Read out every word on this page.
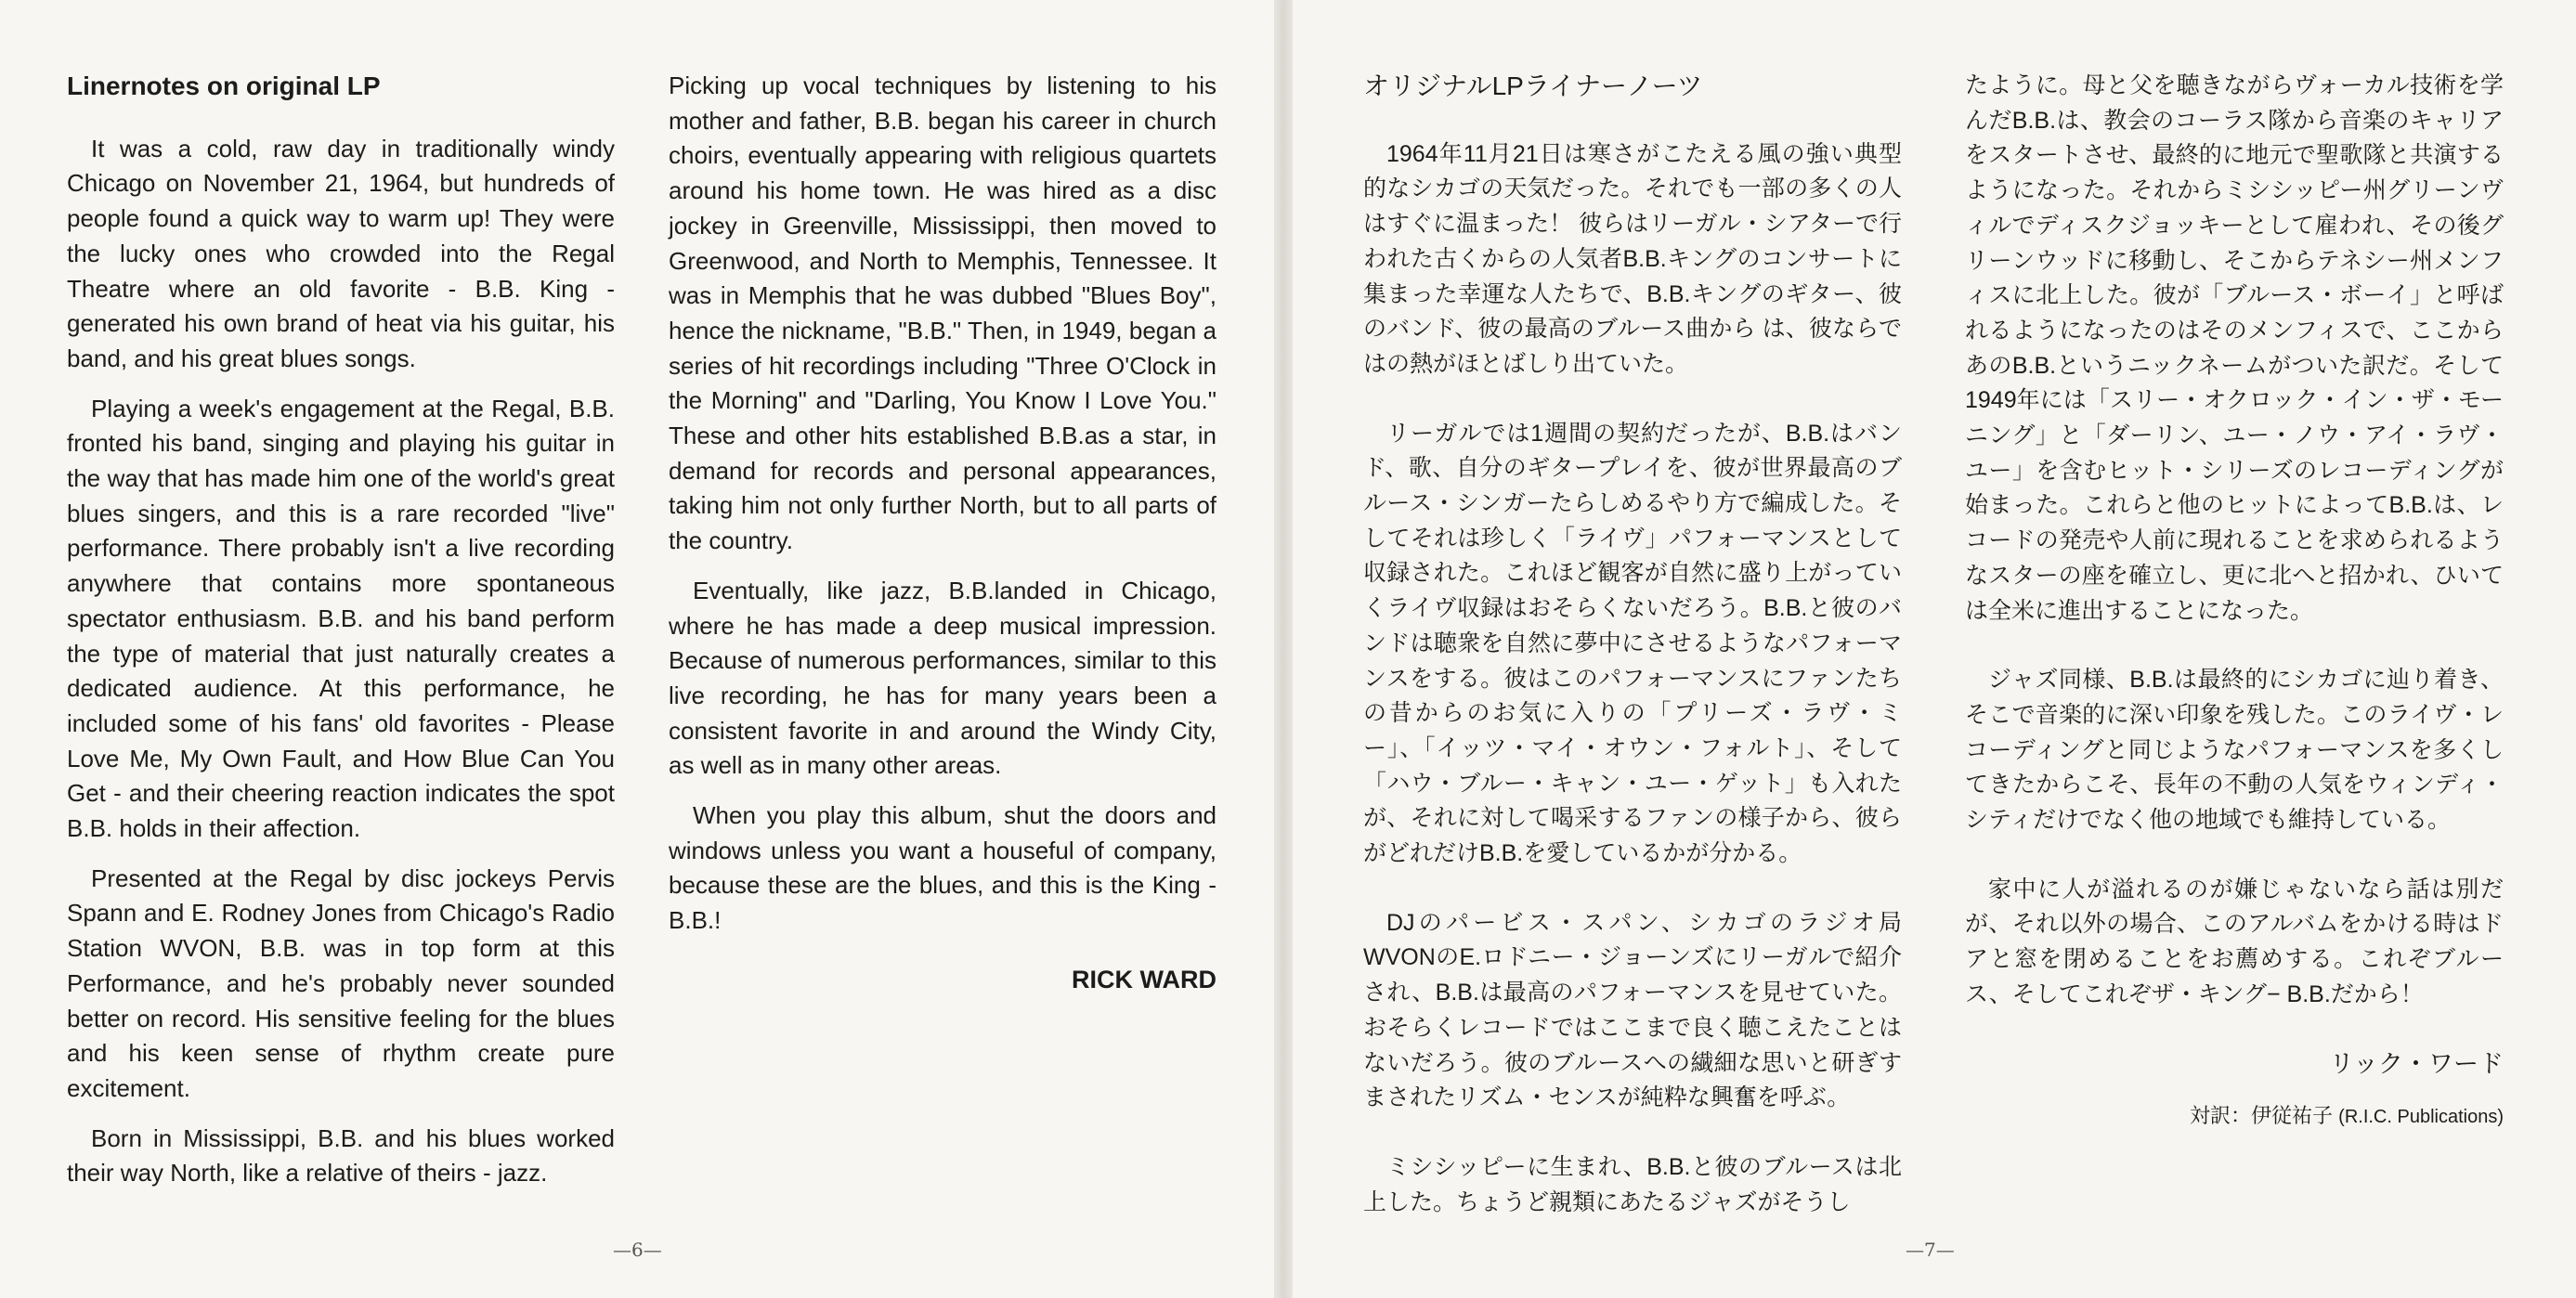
Linernotes on original LP

It was a cold, raw day in traditionally windy Chicago on November 21, 1964, but hundreds of people found a quick way to warm up! They were the lucky ones who crowded into the Regal Theatre where an old favorite - B.B. King - generated his own brand of heat via his guitar, his band, and his great blues songs.

Playing a week's engagement at the Regal, B.B. fronted his band, singing and playing his guitar in the way that has made him one of the world's great blues singers, and this is a rare recorded "live" performance. There probably isn't a live recording anywhere that contains more spontaneous spectator enthusiasm. B.B. and his band perform the type of material that just naturally creates a dedicated audience. At this performance, he included some of his fans' old favorites - Please Love Me, My Own Fault, and How Blue Can You Get - and their cheering reaction indicates the spot B.B. holds in their affection.

Presented at the Regal by disc jockeys Pervis Spann and E. Rodney Jones from Chicago's Radio Station WVON, B.B. was in top form at this Performance, and he's probably never sounded better on record. His sensitive feeling for the blues and his keen sense of rhythm create pure excitement.

Born in Mississippi, B.B. and his blues worked their way North, like a relative of theirs - jazz.

Picking up vocal techniques by listening to his mother and father, B.B. began his career in church choirs, eventually appearing with religious quartets around his home town. He was hired as a disc jockey in Greenville, Mississippi, then moved to Greenwood, and North to Memphis, Tennessee. It was in Memphis that he was dubbed "Blues Boy", hence the nickname, "B.B." Then, in 1949, began a series of hit recordings including "Three O'Clock in the Morning" and "Darling, You Know I Love You." These and other hits established B.B.as a star, in demand for records and personal appearances, taking him not only further North, but to all parts of the country.

Eventually, like jazz, B.B.landed in Chicago, where he has made a deep musical impression. Because of numerous performances, similar to this live recording, he has for many years been a consistent favorite in and around the Windy City, as well as in many other areas.

When you play this album, shut the doors and windows unless you want a houseful of company, because these are the blues, and this is the King - B.B.!

RICK WARD
—6—
オリジナルLPライナーノーツ

1964年11月21日は寒さがこたえる風の強い典型的なシカゴの天気だった。それでも一部の多くの人はすぐに温まった！ 彼らはリーガル・シアターで行われた古くからの人気者B.B.キングのコンサートに集まった幸運な人たちで、B.B.キングのギター、彼のバンド、彼の最高のブルース曲から は、彼ならではの熱がほとばしり出ていた。

リーガルでは1週間の契約だったが、B.B.はバンド、歌、自分のギタープレイを、彼が世界最高のブルース・シンガーたらしめるやり方で編成した。そしてそれは珍しく「ライヴ」パフォーマンスとして収録された。これほど観客が自然に盛り上がっていくライヴ収録はおそらくないだろう。B.B.と彼のバンドは聴衆を自然に夢中にさせるようなパフォーマンスをする。彼はこのパフォーマンスにファンたちの昔からのお気に入りの「プリーズ・ラヴ・ミー」、「イッツ・マイ・オウン・フォルト」、そして「ハウ・ブルー・キャン・ユー・ゲット」も入れたが、それに対して喝采するファンの様子から、彼らがどれだけB.B.を愛しているかが分かる。

DJのパービス・スパン、シカゴのラジオ局WVONのE.ロドニー・ジョーンズにリーガルで紹介され、B.B.は最高のパフォーマンスを見せていた。おそらくレコードではここまで良く聴こえたことはないだろう。彼のブルースへの繊細な思いと研ぎすまされたリズム・センスが純粋な興奮を呼ぶ。

ミシシッピーに生まれ、B.B.と彼のブルースは北上した。ちょうど親類にあたるジャズがそうし

たように。母と父を聴きながらヴォーカル技術を学んだB.B.は、教会のコーラス隊から音楽のキャリアをスタートさせ、最終的に地元で聖歌隊と共演するようになった。それからミシシッピー州グリーンヴィルでディスクジョッキーとして雇われ、その後グリーンウッドに移動し、そこからテネシー州メンフィスに北上した。彼が「ブルース・ボーイ」と呼ばれるようになったのはそのメンフィスで、ここからあのB.B.というニックネームがついた訳だ。そして1949年には「スリー・オクロック・イン・ザ・モーニング」と「ダーリン、ユー・ノウ・アイ・ラヴ・ユー」を含むヒット・シリーズのレコーディングが始まった。これらと他のヒットによってB.B.は、レコードの発売や人前に現れることを求められるようなスターの座を確立し、更に北へと招かれ、ひいては全米に進出することになった。

ジャズ同様、B.B.は最終的にシカゴに辿り着き、そこで音楽的に深い印象を残した。このライヴ・レコーディングと同じようなパフォーマンスを多くしてきたからこそ、長年の不動の人気をウィンディ・シティだけでなく他の地域でも維持している。

家中に人が溢れるのが嫌じゃないなら話は別だが、それ以外の場合、このアルバムをかける時はドアと窓を閉めることをお薦めする。これぞブルース、そしてこれぞザ・キング− B.B.だから！

リック・ワード
対訳：伊従祐子 (R.I.C. Publications)
—7—
